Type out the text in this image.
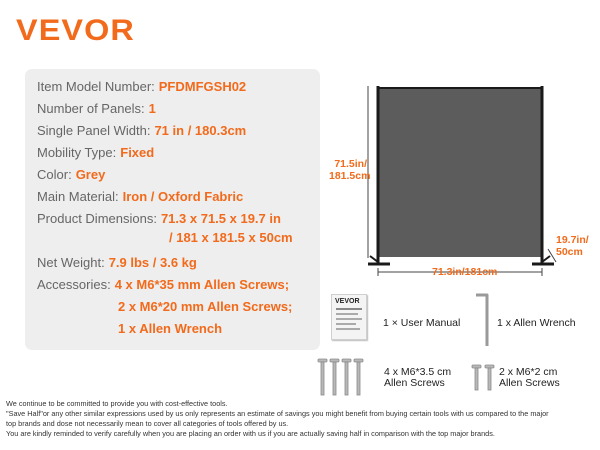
VEVOR
Item Model Number: PFDMFGSH02
Number of Panels: 1
Single Panel Width: 71 in / 180.3cm
Mobility Type: Fixed
Color: Grey
Main Material: Iron / Oxford Fabric
Product Dimensions: 71.3 x 71.5 x 19.7 in
/ 181 x 181.5 x 50cm
Net Weight: 7.9 lbs / 3.6 kg
Accessories: 4 x M6*35 mm Allen Screws;
2 x M6*20 mm Allen Screws;
1 x Allen Wrench
71.5in/
181.5cm
71.3in/181cm
19.7in/
50cm
VEVOR
1 × User Manual	1 x Allen Wrench
4 x M6*3.5 cm
Allen Screws
2 x M6*2 cm
Allen Screws
We continue to be committed to provide you with cost-effective tools.
"Save Half"or any other similar expressions used by us only represents an estimate of savings you might benefit from buying certain tools with us compared to the major
top brands and dose not necessarily mean to cover all categories of tools offered by us.
You are kindly reminded to verify carefully when you are placing an order with us if you are actually saving half in comparison with the top major brands.
